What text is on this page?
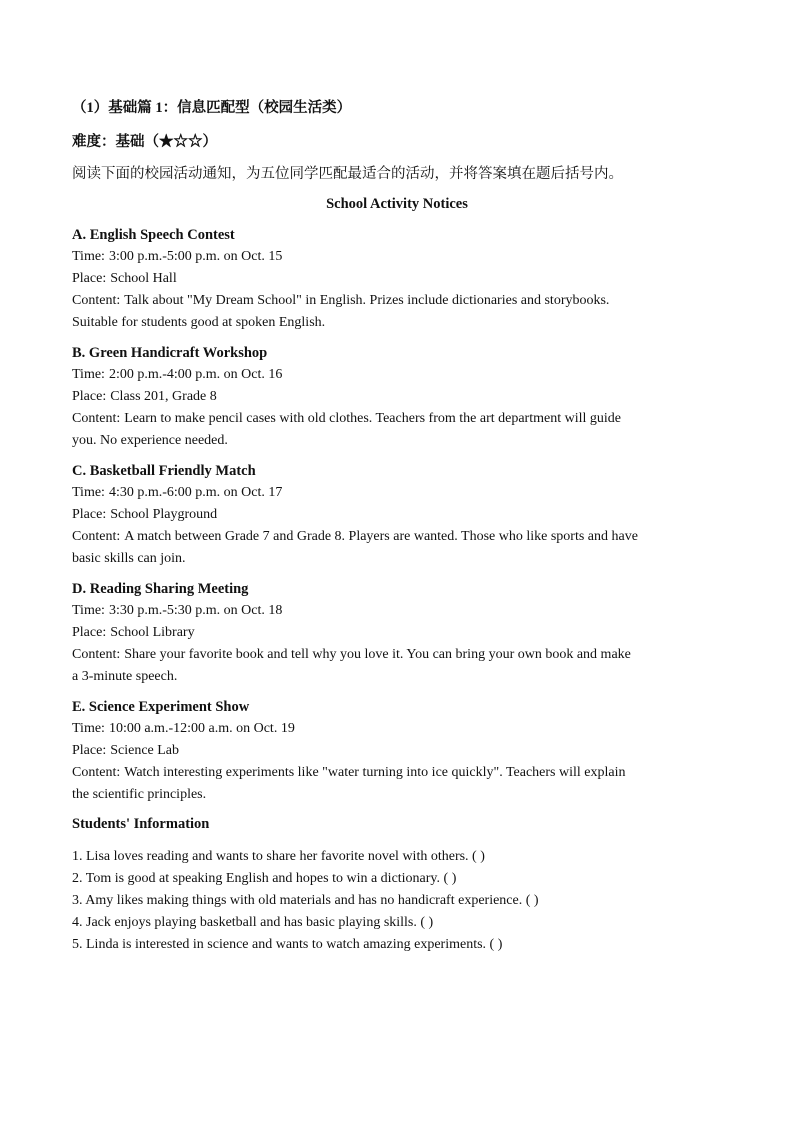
（1）基础篇 1：信息匹配型（校园生活类）
难度：基础（★☆☆）
阅读下面的校园活动通知，为五位同学匹配最适合的活动，并将答案填在题后括号内。
School Activity Notices
A. English Speech Contest
Time: 3:00 p.m.-5:00 p.m. on Oct. 15
Place: School Hall
Content: Talk about "My Dream School" in English. Prizes include dictionaries and storybooks.
Suitable for students good at spoken English.
B. Green Handicraft Workshop
Time: 2:00 p.m.-4:00 p.m. on Oct. 16
Place: Class 201, Grade 8
Content: Learn to make pencil cases with old clothes. Teachers from the art department will guide
you. No experience needed.
C. Basketball Friendly Match
Time: 4:30 p.m.-6:00 p.m. on Oct. 17
Place: School Playground
Content: A match between Grade 7 and Grade 8. Players are wanted. Those who like sports and have
basic skills can join.
D. Reading Sharing Meeting
Time: 3:30 p.m.-5:30 p.m. on Oct. 18
Place: School Library
Content: Share your favorite book and tell why you love it. You can bring your own book and make
a 3-minute speech.
E. Science Experiment Show
Time: 10:00 a.m.-12:00 a.m. on Oct. 19
Place: Science Lab
Content: Watch interesting experiments like "water turning into ice quickly". Teachers will explain
the scientific principles.
Students' Information
1. Lisa loves reading and wants to share her favorite novel with others. ( )
2. Tom is good at speaking English and hopes to win a dictionary. ( )
3. Amy likes making things with old materials and has no handicraft experience. ( )
4. Jack enjoys playing basketball and has basic playing skills. ( )
5. Linda is interested in science and wants to watch amazing experiments. ( )
